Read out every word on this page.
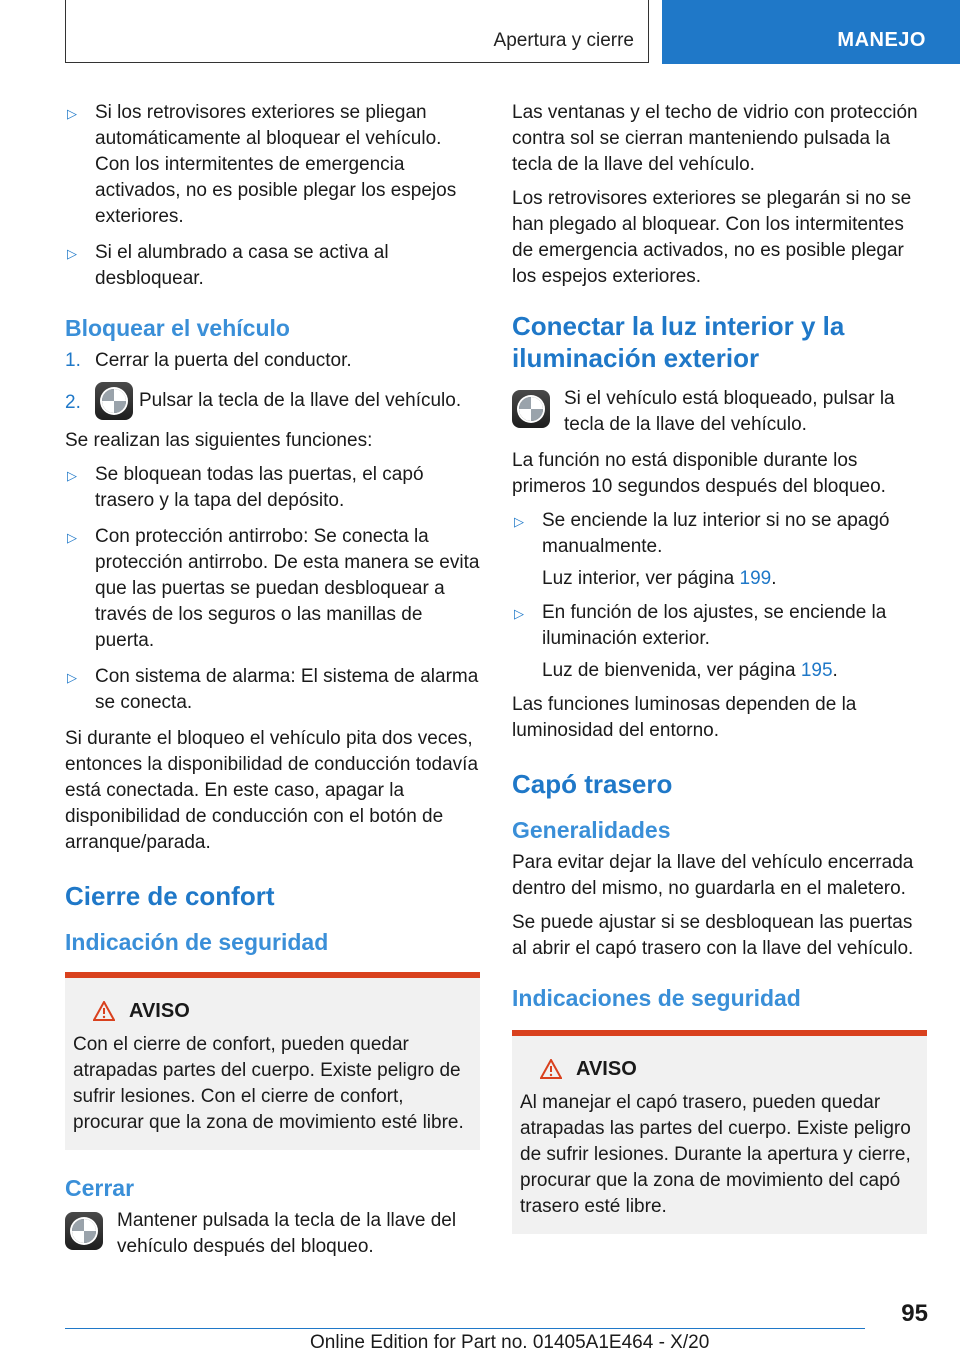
Apertura y cierre	MANEJO
▷ Si los retrovisores exteriores se pliegan automáticamente al bloquear el vehículo. Con los intermitentes de emergencia activados, no es posible plegar los espejos exteriores.
▷ Si el alumbrado a casa se activa al desbloquear.
Bloquear el vehículo
1. Cerrar la puerta del conductor.
2.	Pulsar la tecla de la llave del vehículo.

Se realizan las siguientes funciones:

▷ Se bloquean todas las puertas, el capó trasero y la tapa del depósito.
▷ Con protección antirrobo: Se conecta la protección antirrobo. De esta manera se evita que las puertas se puedan desbloquear a través de los seguros o las manillas de puerta.
▷ Con sistema de alarma: El sistema de alarma se conecta.

Si durante el bloqueo el vehículo pita dos veces, entonces la disponibilidad de conducción todavía está conectada. En este caso, apagar la disponibilidad de conducción con el botón de arranque/parada.

Cierre de confort
Indicación de seguridad
AVISO

Con el cierre de confort, pueden quedar atrapadas partes del cuerpo. Existe peligro de sufrir lesiones. Con el cierre de confort, procurar que la zona de movimiento esté libre.

Cerrar
Mantener pulsada la tecla de la llave del vehículo después del bloqueo.

Las ventanas y el techo de vidrio con protección contra sol se cierran manteniendo pulsada la tecla de la llave del vehículo.

Los retrovisores exteriores se plegarán si no se han plegado al bloquear. Con los intermitentes de emergencia activados, no es posible plegar los espejos exteriores.

Conectar la luz interior y la iluminación exterior
Si el vehículo está bloqueado, pulsar la tecla de la llave del vehículo.

La función no está disponible durante los primeros 10 segundos después del bloqueo.

▷ Se enciende la luz interior si no se apagó manualmente.
Luz interior, ver página 199.
▷ En función de los ajustes, se enciende la iluminación exterior.
Luz de bienvenida, ver página 195.

Las funciones luminosas dependen de la luminosidad del entorno.

Capó trasero
Generalidades

Para evitar dejar la llave del vehículo encerrada dentro del mismo, no guardarla en el maletero.

Se puede ajustar si se desbloquean las puertas al abrir el capó trasero con la llave del vehículo.

Indicaciones de seguridad
AVISO

Al manejar el capó trasero, pueden quedar atrapadas las partes del cuerpo. Existe peligro de sufrir lesiones. Durante la apertura y cierre, procurar que la zona de movimiento del capó trasero esté libre.

95
Online Edition for Part no. 01405A1E464 - X/20
